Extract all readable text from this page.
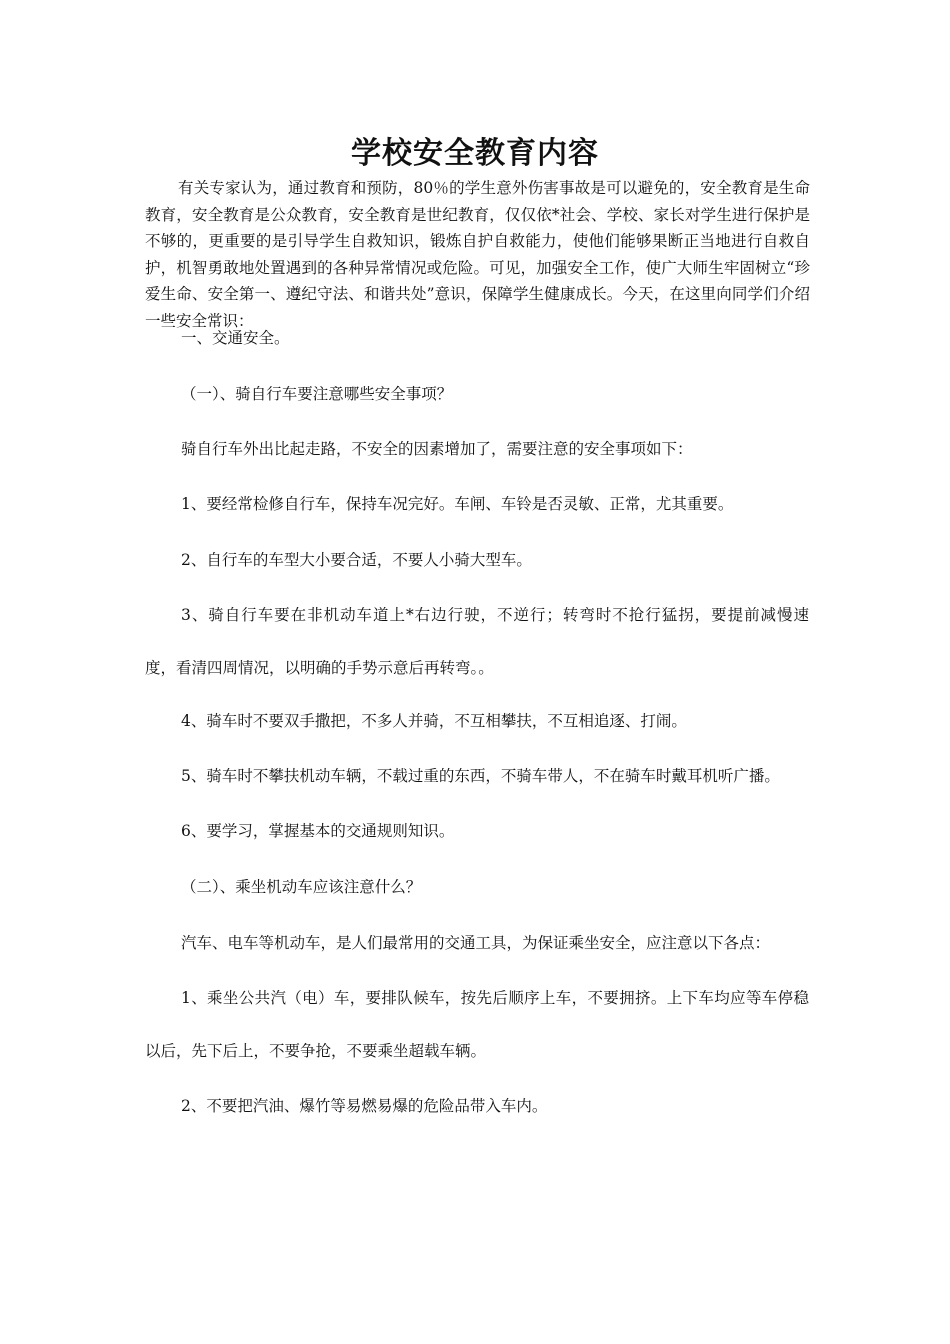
学校安全教育内容

有关专家认为，通过教育和预防，80％的学生意外伤害事故是可以避免的，安全教育是生命教育，安全教育是公众教育，安全教育是世纪教育，仅仅依*社会、学校、家长对学生进行保护是不够的，更重要的是引导学生自救知识，锻炼自护自救能力，使他们能够果断正当地进行自救自护，机智勇敢地处置遇到的各种异常情况或危险。可见，加强安全工作，使广大师生牢固树立“珍爱生命、安全第一、遵纪守法、和谐共处”意识，保障学生健康成长。今天，在这里向同学们介绍一些安全常识：

一、交通安全。

（一）、骑自行车要注意哪些安全事项？

骑自行车外出比起走路，不安全的因素增加了，需要注意的安全事项如下：

1、要经常检修自行车，保持车况完好。车闸、车铃是否灵敏、正常，尤其重要。

2、自行车的车型大小要合适，不要人小骑大型车。

3、骑自行车要在非机动车道上*右边行驶，不逆行；转弯时不抢行猛拐，要提前减慢速

度，看清四周情况，以明确的手势示意后再转弯。。

4、骑车时不要双手撒把，不多人并骑，不互相攀扶，不互相追逐、打闹。

5、骑车时不攀扶机动车辆，不载过重的东西，不骑车带人，不在骑车时戴耳机听广播。

6、要学习，掌握基本的交通规则知识。

（二）、乘坐机动车应该注意什么？

汽车、电车等机动车，是人们最常用的交通工具，为保证乘坐安全，应注意以下各点：

1、乘坐公共汽（电）车，要排队候车，按先后顺序上车，不要拥挤。上下车均应等车停稳

以后，先下后上，不要争抢，不要乘坐超载车辆。

2、不要把汽油、爆竹等易燃易爆的危险品带入车内。
